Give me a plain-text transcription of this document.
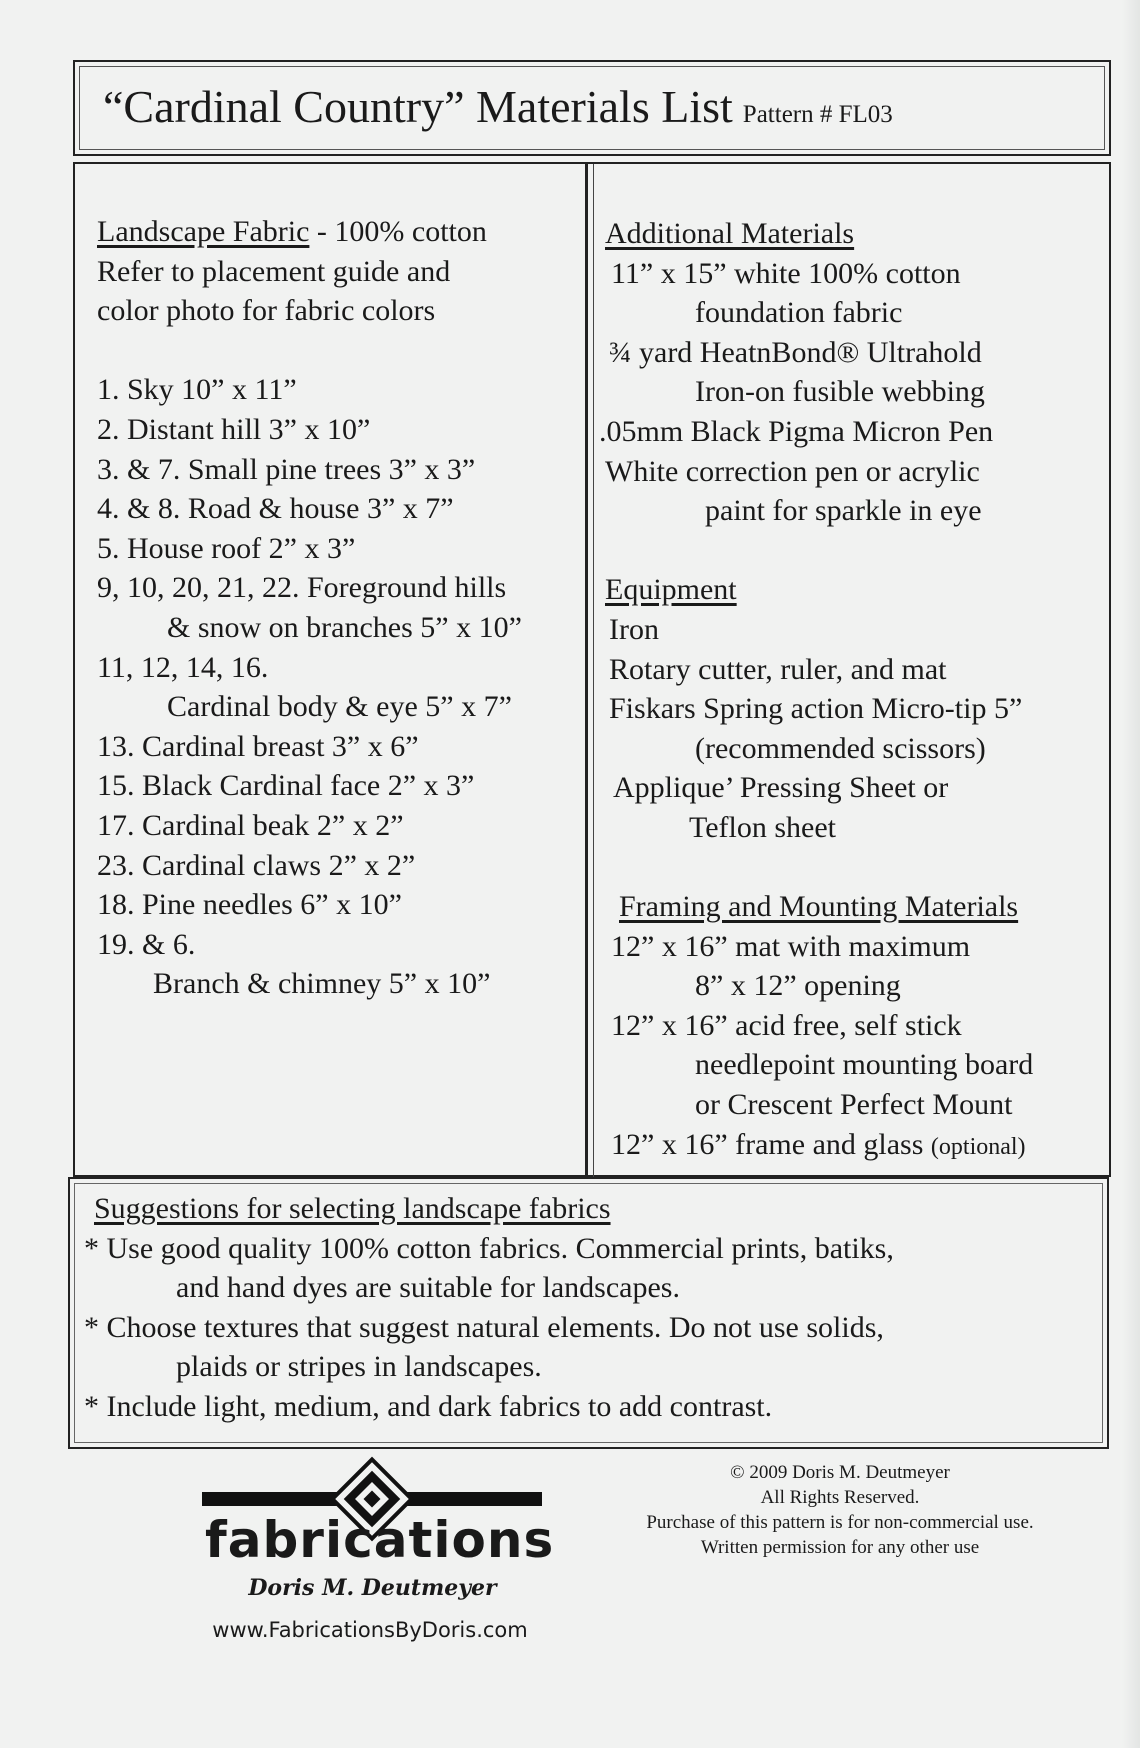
“Cardinal Country” Materials List Pattern # FL03
Landscape Fabric - 100% cotton
Refer to placement guide and
color photo for fabric colors
1. Sky 10” x 11”
2. Distant hill 3” x 10”
3. & 7. Small pine trees 3” x 3”
4. & 8. Road & house 3” x 7”
5. House roof 2” x 3”
9, 10, 20, 21, 22. Foreground hills
& snow on branches 5” x 10”
11, 12, 14, 16.
Cardinal body & eye 5” x 7”
13. Cardinal breast 3” x 6”
15. Black Cardinal face 2” x 3”
17. Cardinal beak 2” x 2”
23. Cardinal claws 2” x 2”
18. Pine needles 6” x 10”
19. & 6.
Branch & chimney 5” x 10”
Additional Materials
11” x 15” white 100% cotton
foundation fabric
¾ yard HeatnBond® Ultrahold
Iron-on fusible webbing
.05mm Black Pigma Micron Pen
White correction pen or acrylic
paint for sparkle in eye
Equipment
Iron
Rotary cutter, ruler, and mat
Fiskars Spring action Micro-tip 5”
(recommended scissors)
Applique’ Pressing Sheet or
Teflon sheet
Framing and Mounting Materials
12” x 16” mat with maximum
8” x 12” opening
12” x 16” acid free, self stick
needlepoint mounting board
or Crescent Perfect Mount
12” x 16” frame and glass (optional)
Suggestions for selecting landscape fabrics
* Use good quality 100% cotton fabrics. Commercial prints, batiks,
and hand dyes are suitable for landscapes.
* Choose textures that suggest natural elements. Do not use solids,
plaids or stripes in landscapes.
* Include light, medium, and dark fabrics to add contrast.
fabrications
Doris M. Deutmeyer
www.FabricationsByDoris.com
© 2009 Doris M. Deutmeyer
All Rights Reserved.
Purchase of this pattern is for non-commercial use.
Written permission for any other use
